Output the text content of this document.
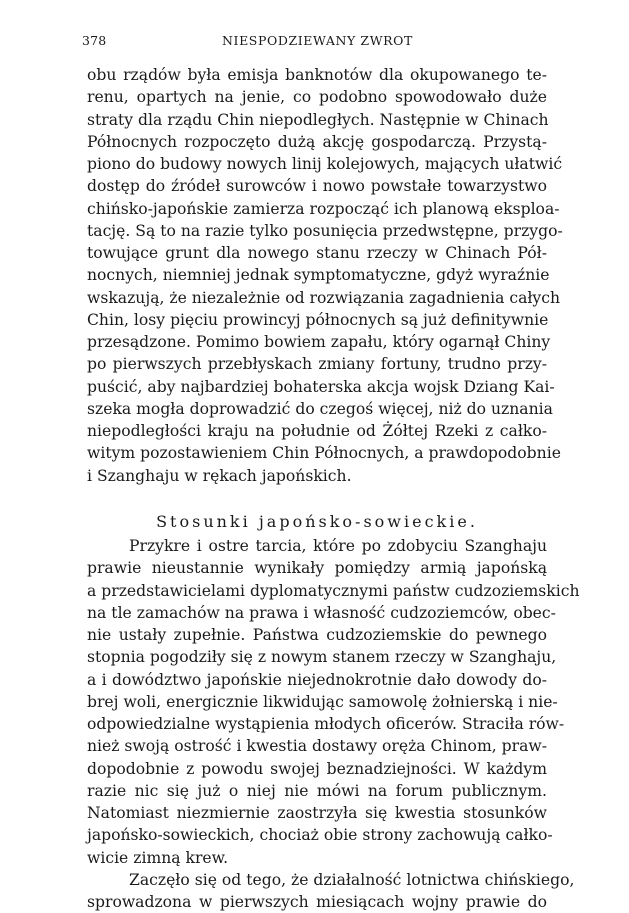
378	NIESPODZIEWANY ZWROT
obu rządów była emisja banknotów dla okupowanego te-
renu, opartych na jenie, co podobno spowodowało duże
straty dla rządu Chin niepodległych. Następnie w Chinach
Północnych rozpoczęto dużą akcję gospodarczą. Przystą-
piono do budowy nowych linij kolejowych, mających ułatwić
dostęp do źródeł surowców i nowo powstałe towarzystwo
chińsko-japońskie zamierza rozpocząć ich planową eksploa-
tację. Są to na razie tylko posunięcia przedwstępne, przygo-
towujące grunt dla nowego stanu rzeczy w Chinach Pół-
nocnych, niemniej jednak symptomatyczne, gdyż wyraźnie
wskazują, że niezależnie od rozwiązania zagadnienia całych
Chin, losy pięciu prowincyj północnych są już definitywnie
przesądzone. Pomimo bowiem zapału, który ogarnął Chiny
po pierwszych przebłyskach zmiany fortuny, trudno przy-
puścić, aby najbardziej bohaterska akcja wojsk Dziang Kai-
szeka mogła doprowadzić do czegoś więcej, niż do uznania
niepodległości kraju na południe od Żółtej Rzeki z całko-
witym pozostawieniem Chin Północnych, a prawdopodobnie
i Szanghaju w rękach japońskich.
Stosunki japońsko-sowieckie.
Przykre i ostre tarcia, które po zdobyciu Szanghaju
prawie nieustannie wynikały pomiędzy armią japońską
a przedstawicielami dyplomatycznymi państw cudzoziemskich
na tle zamachów na prawa i własność cudzoziemców, obec-
nie ustały zupełnie. Państwa cudzoziemskie do pewnego
stopnia pogodziły się z nowym stanem rzeczy w Szanghaju,
a i dowództwo japońskie niejednokrotnie dało dowody do-
brej woli, energicznie likwidując samowolę żołnierską i nie-
odpowiedzialne wystąpienia młodych oficerów. Straciła rów-
nież swoją ostrość i kwestia dostawy oręża Chinom, praw-
dopodobnie z powodu swojej beznadziejności. W każdym
razie nic się już o niej nie mówi na forum publicznym.
Natomiast niezmiernie zaostrzyła się kwestia stosunków
japońsko-sowieckich, chociaż obie strony zachowują całko-
wicie zimną krew.
Zaczęło się od tego, że działalność lotnictwa chińskiego,
sprowadzona w pierwszych miesiącach wojny prawie do
